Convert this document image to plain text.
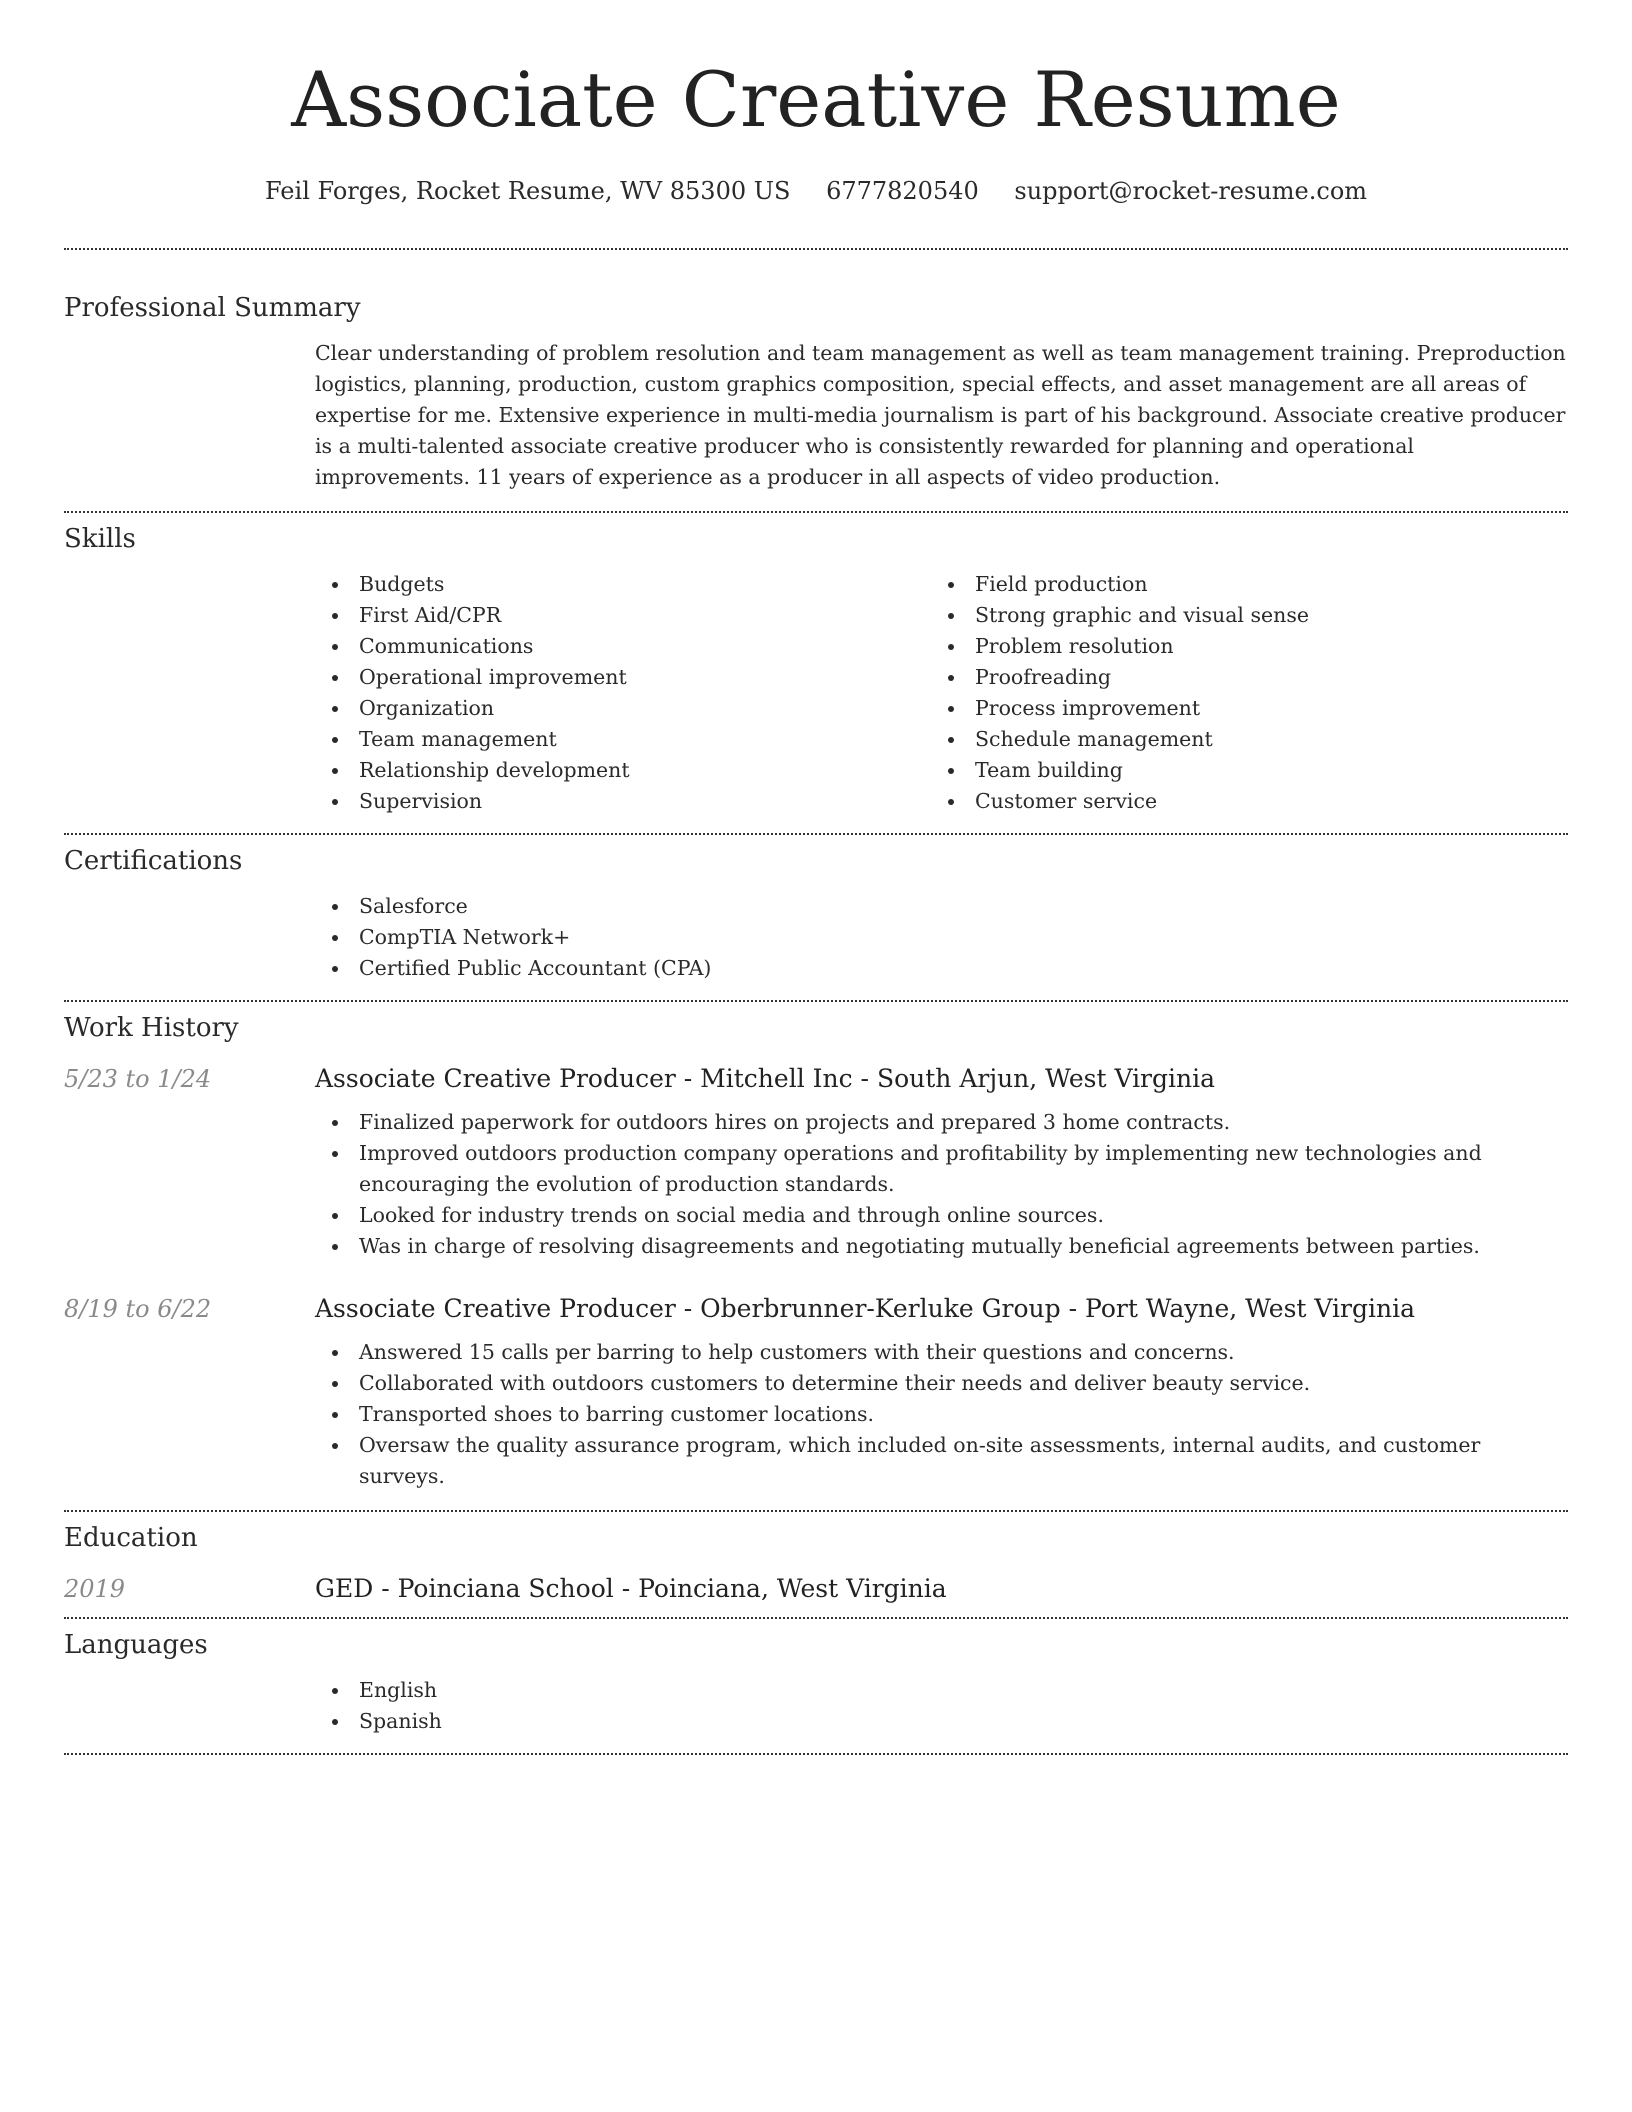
Associate Creative Resume
Feil Forges, Rocket Resume, WV 85300 US 6777820540 support@rocket-resume.com
Professional Summary

Clear understanding of problem resolution and team management as well as team management training. Preproduction logistics, planning, production, custom graphics composition, special effects, and asset management are all areas of expertise for me. Extensive experience in multi-media journalism is part of his background. Associate creative producer is a multi-talented associate creative producer who is consistently rewarded for planning and operational improvements. 11 years of experience as a producer in all aspects of video production.

Skills
Budgets
First Aid/CPR
Communications
Operational improvement
Organization
Team management
Relationship development
Supervision
Field production
Strong graphic and visual sense
Problem resolution
Proofreading
Process improvement
Schedule management
Team building
Customer service
Certifications
Salesforce
CompTIA Network+
Certified Public Accountant (CPA)
Work History
5/23 to 1/24	Associate Creative Producer - Mitchell Inc - South Arjun, West Virginia
Finalized paperwork for outdoors hires on projects and prepared 3 home contracts.
Improved outdoors production company operations and profitability by implementing new technologies and encouraging the evolution of production standards.
Looked for industry trends on social media and through online sources.
Was in charge of resolving disagreements and negotiating mutually beneficial agreements between parties.
8/19 to 6/22	Associate Creative Producer - Oberbrunner-Kerluke Group - Port Wayne, West Virginia
Answered 15 calls per barring to help customers with their questions and concerns.
Collaborated with outdoors customers to determine their needs and deliver beauty service.
Transported shoes to barring customer locations.
Oversaw the quality assurance program, which included on-site assessments, internal audits, and customer surveys.
Education
2019	GED - Poinciana School - Poinciana, West Virginia
Languages
English
Spanish
